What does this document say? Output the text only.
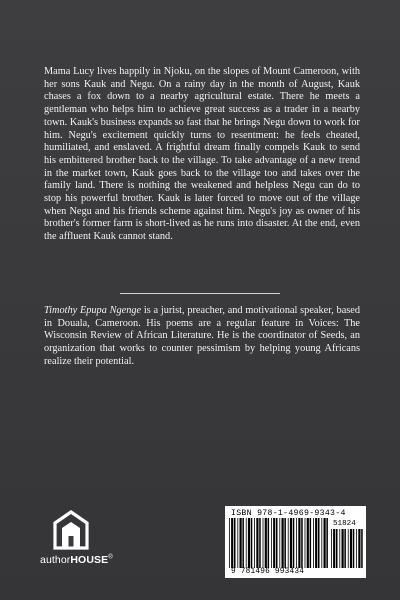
Mama Lucy lives happily in Njoku, on the slopes of Mount Cameroon, with her sons Kauk and Negu. On a rainy day in the month of August, Kauk chases a fox down to a nearby agricultural estate. There he meets a gentleman who helps him to achieve great success as a trader in a nearby town. Kauk's business expands so fast that he brings Negu down to work for him. Negu's excitement quickly turns to resentment: he feels cheated, humiliated, and enslaved. A frightful dream finally compels Kauk to send his embittered brother back to the village. To take advantage of a new trend in the market town, Kauk goes back to the village too and takes over the family land. There is nothing the weakened and helpless Negu can do to stop his powerful brother. Kauk is later forced to move out of the village when Negu and his friends scheme against him. Negu's joy as owner of his brother's former farm is short-lived as he runs into disaster. At the end, even the affluent Kauk cannot stand.

Timothy Epupa Ngenge is a jurist, preacher, and motivational speaker, based in Douala, Cameroon. His poems are a regular feature in Voices: The Wisconsin Review of African Literature. He is the coordinator of Seeds, an organization that works to counter pessimism by helping young Africans realize their potential.

authorHOUSE®
ISBN 978-1-4969-9343-4
51824
9 781496 993434
